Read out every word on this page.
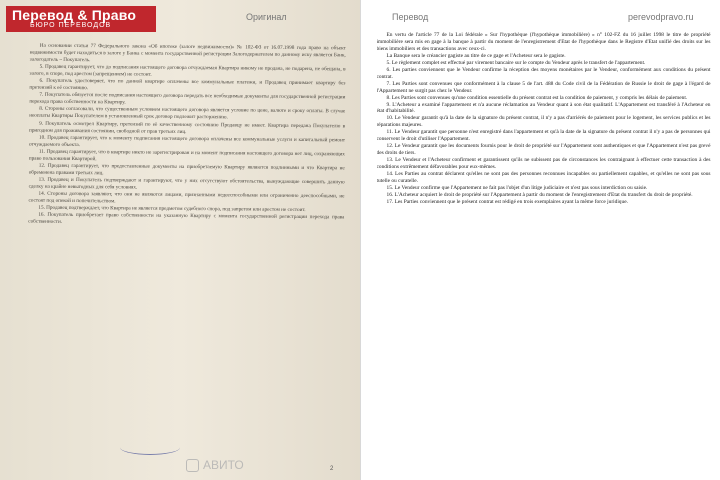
Перевод & Право
БЮРО ПЕРЕВОДОВ
Оригинал

На основании статьи 77 Федерального закона «Об ипотеке (залоге недвижимости)» № 102-ФЗ от 16.07.1998 года право на объект недвижимости будет находиться в залоге у Банка с момента государственной регистрации Залогодержателем по данному иску является Банк, залогодатель – Покупатель.

5. Продавец гарантирует, что до подписания настоящего договора отчуждаемая Квартира никому не продана, не подарена, не обещана, в залоге, в споре, под арестом (запрещением) не состоит.

6. Покупатель удостоверяет, что по данной квартире оплачены все коммунальные платежи, и Продавец принимает квартиру без претензий к её состоянию.

7. Покупатель обязуется после подписания настоящего договора передать все необходимые документы для государственной регистрации перехода права собственности на Квартиру.

8. Стороны согласовали, что существенным условием настоящего договора является условие по цене, валюте и сроку оплаты. В случае неоплаты Квартиры Покупателем в установленный срок договор подлежит расторжению.

9. Покупатель осмотрел Квартиру, претензий по её качественному состоянию Продавцу не имеет. Квартира передана Покупателю в пригодном для проживания состоянии, свободной от прав третьих лиц.

10. Продавец гарантирует, что к моменту подписания настоящего договора оплачены все коммунальные услуги и капитальный ремонт отчуждаемого объекта.

11. Продавец гарантирует, что в квартире никто не зарегистрирован и на момент подписания настоящего договора нет лиц, сохраняющих право пользования Квартирой.

12. Продавец гарантирует, что предоставленные документы на приобретаемую Квартиру являются подлинными и что Квартира не обременена правами третьих лиц.

13. Продавец и Покупатель подтверждают и гарантируют, что у них отсутствуют обстоятельства, вынуждающие совершить данную сделку на крайне невыгодных для себя условиях.

14. Стороны договора заявляют, что они не являются лицами, признанными недееспособными или ограниченно дееспособными, не состоят под опекой и попечительством.

15. Продавец подтверждает, что Квартира не является предметом судебного спора, под запретом или арестом не состоит.

16. Покупатель приобретает право собственности на указанную Квартиру с момента государственной регистрации перехода права собственности.

2

En vertu de l'article 77 de la Loi fédérale « Sur l'hypothèque (l'hypothèque immobilière) » n° 102-FZ du 16 juillet 1998 le titre de propriété immobilière sera mis en gage à la banque à partir du moment de l'enregistrement d'Etat de l'hypothèque dans le Registre d'Etat unifié des droits sur les biens immobiliers et des transactions avec ceux-ci.

La Banque sera le créancier gagiste au titre de ce gage et l'Acheteur sera le gagiste.

5. Le règlement complet est effectué par virement bancaire sur le compte du Vendeur après le transfert de l'appartement.

6. Les parties conviennent que le Vendeur confirme la réception des moyens monétaires par le Vendeur, conformément aux conditions du présent contrat.

7. Les Parties sont convenues que conformément à la clause 5 de l'art. 488 du Code civil de la Fédération de Russie le droit de gage à l'égard de l'Appartement ne surgit pas chez le Vendeur.

8. Les Parties sont convenues qu'une condition essentielle du présent contrat est la condition de paiement, y compris les délais de paiement.

9. L'Acheteur a examiné l'appartement et n'a aucune réclamation au Vendeur quant à son état qualitatif. L'Appartement est transféré à l'Acheteur en état d'habitabilité.

10. Le Vendeur garantit qu'à la date de la signature du présent contrat, il n'y a pas d'arriérés de paiement pour le logement, les services publics et les réparations majeures.

11. Le Vendeur garantit que personne n'est enregistré dans l'appartement et qu'à la date de la signature du présent contrat il n'y a pas de personnes qui conservent le droit d'utiliser l'Appartement.

12. Le Vendeur garantit que les documents fournis pour le droit de propriété sur l'Appartement sont authentiques et que l'Appartement n'est pas grevé des droits de tiers.

13. Le Vendeur et l'Acheteur confirment et garantissent qu'ils ne subissent pas de circonstances les contraignant à effectuer cette transaction à des conditions extrêmement défavorables pour eux-mêmes.

14. Les Parties au contrat déclarent qu'elles ne sont pas des personnes reconnues incapables ou partiellement capables, et qu'elles ne sont pas sous tutelle ou curatelle.

15. Le Vendeur confirme que l'Appartement ne fait pas l'objet d'un litige judiciaire et n'est pas sous interdiction ou saisie.

16. L'Acheteur acquiert le droit de propriété sur l'Appartement à partir du moment de l'enregistrement d'Etat du transfert du droit de propriété.

17. Les Parties conviennent que le présent contrat est rédigé en trois exemplaires ayant la même force juridique.

Перевод	perevodpravo.ru
АВИТО
